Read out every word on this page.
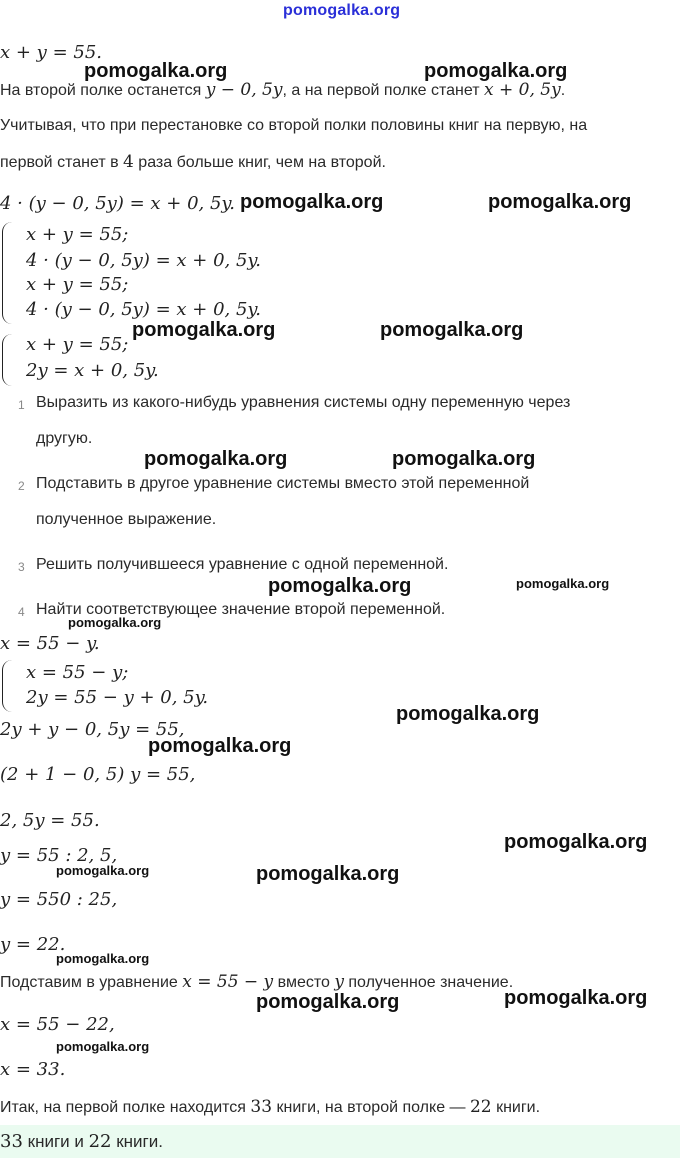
pomogalka.org
x + y = 55.
На второй полке останется y − 0, 5y, а на первой полке станет x + 0, 5y.
Учитывая, что при перестановке со второй полки половины книг на первую, на
первой станет в 4 раза больше книг, чем на второй.
4 · (y − 0, 5y) = x + 0, 5y.
x + y = 55;
4 · (y − 0, 5y) = x + 0, 5y.
x + y = 55;
4 · (y − 0, 5y) = x + 0, 5y.
x + y = 55;
2y = x + 0, 5y.
1 Выразить из какого-нибудь уравнения системы одну переменную через
другую.
2 Подставить в другое уравнение системы вместо этой переменной
полученное выражение.
3 Решить получившееся уравнение с одной переменной.
4 Найти соответствующее значение второй переменной.
x = 55 − y.
x = 55 − y;
2y = 55 − y + 0, 5y.
2y + y − 0, 5y = 55,
(2 + 1 − 0, 5) y = 55,
2, 5y = 55.
y = 55 : 2, 5,
y = 550 : 25,
y = 22.
Подставим в уравнение x = 55 − y вместо y полученное значение.
x = 55 − 22,
x = 33.
Итак, на первой полке находится 33 книги, на второй полке — 22 книги.
33 книги и 22 книги.
pomogalka.org	pomogalka.org
pomogalka.org	pomogalka.org
pomogalka.org	pomogalka.org
pomogalka.org	pomogalka.org
pomogalka.org	pomogalka.org
pomogalka.org
pomogalka.org
pomogalka.org
pomogalka.org
pomogalka.org	pomogalka.org
pomogalka.org
pomogalka.org	pomogalka.org
pomogalka.org
